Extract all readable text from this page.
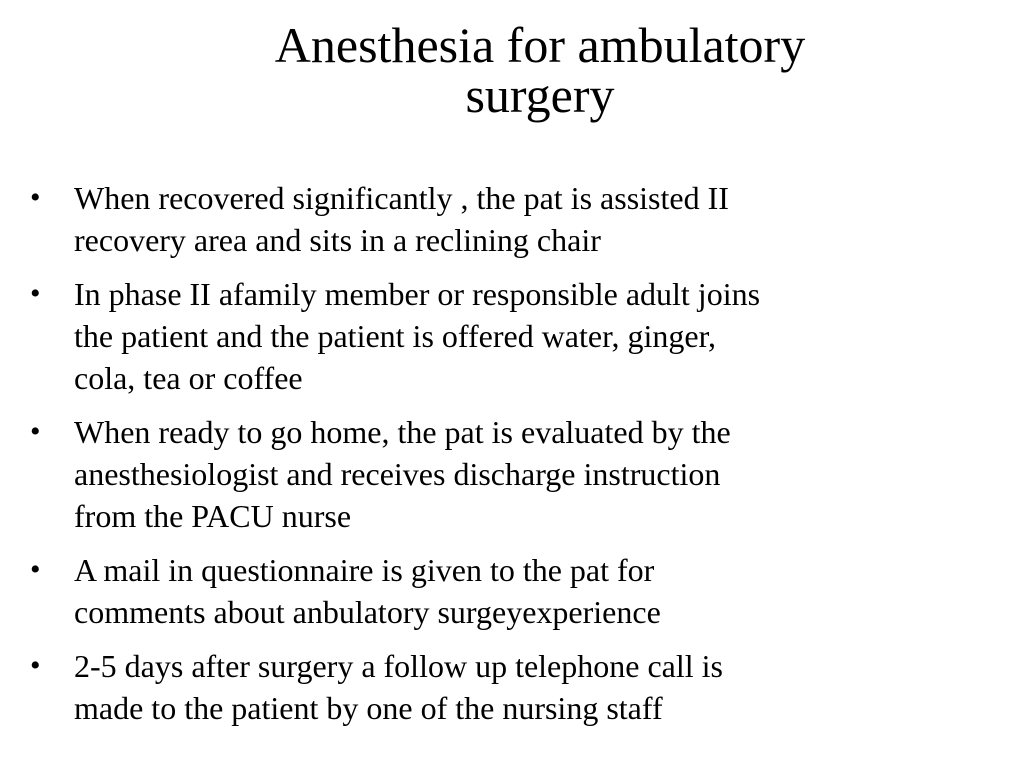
Anesthesia for ambulatory
surgery
•	When recovered significantly , the pat is assisted II
recovery area and sits in a reclining chair
•	In phase II afamily member or responsible adult joins
the patient and the patient is offered water, ginger,
cola, tea or coffee
•	When ready to go home, the pat is evaluated by the
anesthesiologist and receives discharge instruction
from the PACU nurse
•	A mail in questionnaire is given to the pat for
comments about anbulatory surgeyexperience
•	2-5 days after surgery a follow up telephone call is
made to the patient by one of the nursing staff
